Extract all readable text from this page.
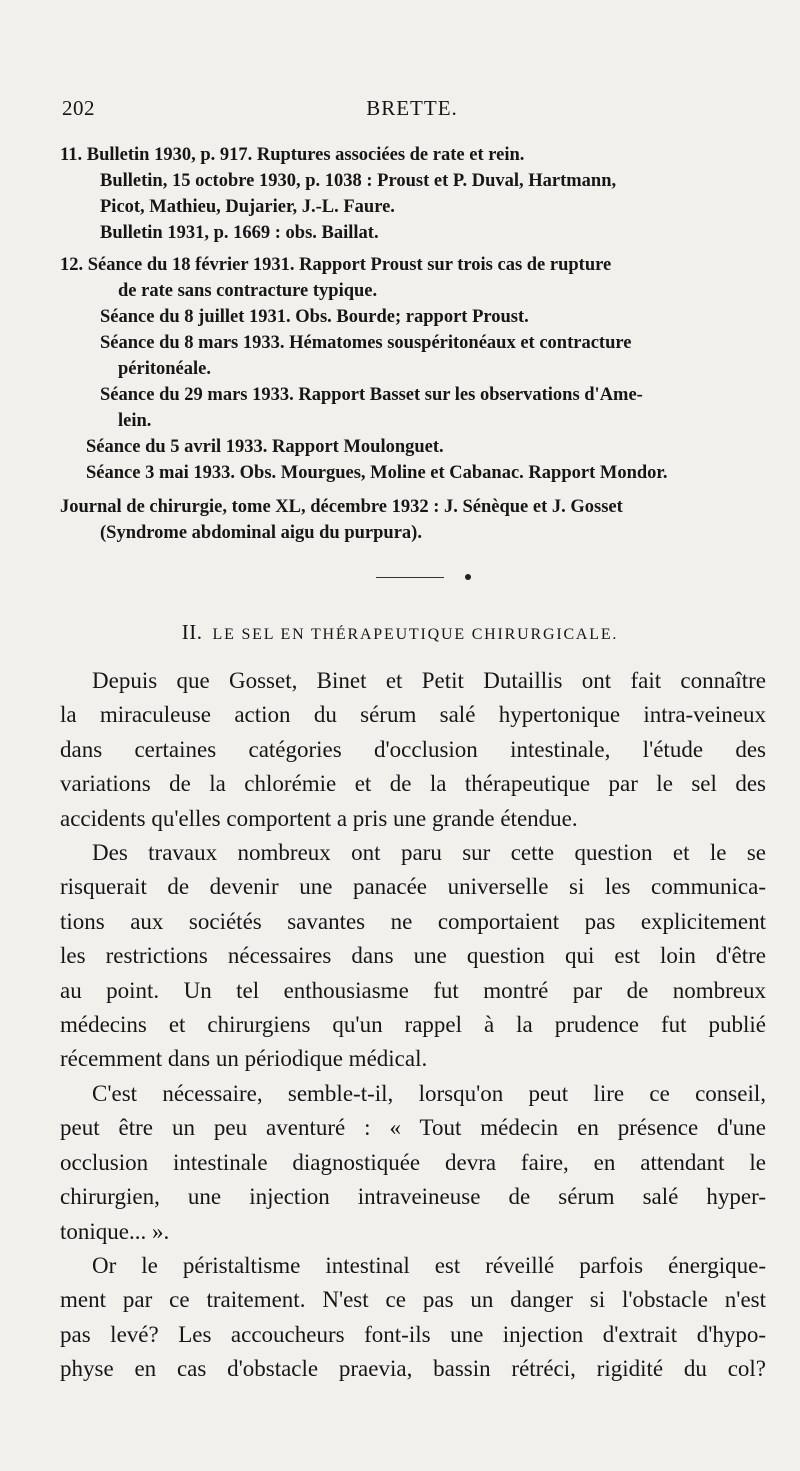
202	BRETTE.
11. Bulletin 1930, p. 917. Ruptures associées de rate et rein.
Bulletin, 15 octobre 1930, p. 1038 : Proust et P. Duval, Hartmann,
Picot, Mathieu, Dujarier, J.-L. Faure.
Bulletin 1931, p. 1669 : obs. Baillat.
12. Séance du 18 février 1931. Rapport Proust sur trois cas de rupture
de rate sans contracture typique.
Séance du 8 juillet 1931. Obs. Bourde; rapport Proust.
Séance du 8 mars 1933. Hématomes souspéritonéaux et contracture
péritonéale.
Séance du 29 mars 1933. Rapport Basset sur les observations d'Ame-
lein.
Séance du 5 avril 1933. Rapport Moulonguet.
Séance 3 mai 1933. Obs. Mourgues, Moline et Cabanac. Rapport Mondor.
Journal de chirurgie, tome XL, décembre 1932 : J. Sénèque et J. Gosset
(Syndrome abdominal aigu du purpura).
II. LE SEL EN THÉRAPEUTIQUE CHIRURGICALE.
Depuis que Gosset, Binet et Petit Dutaillis ont fait connaître
la miraculeuse action du sérum salé hypertonique intra-veineux
dans certaines catégories d'occlusion intestinale, l'étude des
variations de la chlorémie et de la thérapeutique par le sel des
accidents qu'elles comportent a pris une grande étendue.
Des travaux nombreux ont paru sur cette question et le se
risquerait de devenir une panacée universelle si les communica-
tions aux sociétés savantes ne comportaient pas explicitement
les restrictions nécessaires dans une question qui est loin d'être
au point. Un tel enthousiasme fut montré par de nombreux
médecins et chirurgiens qu'un rappel à la prudence fut publié
récemment dans un périodique médical.
C'est nécessaire, semble-t-il, lorsqu'on peut lire ce conseil,
peut être un peu aventuré : « Tout médecin en présence d'une
occlusion intestinale diagnostiquée devra faire, en attendant le
chirurgien, une injection intraveineuse de sérum salé hyper-
tonique... ».
Or le péristaltisme intestinal est réveillé parfois énergique-
ment par ce traitement. N'est ce pas un danger si l'obstacle n'est
pas levé? Les accoucheurs font-ils une injection d'extrait d'hypo-
physe en cas d'obstacle praevia, bassin rétréci, rigidité du col?
